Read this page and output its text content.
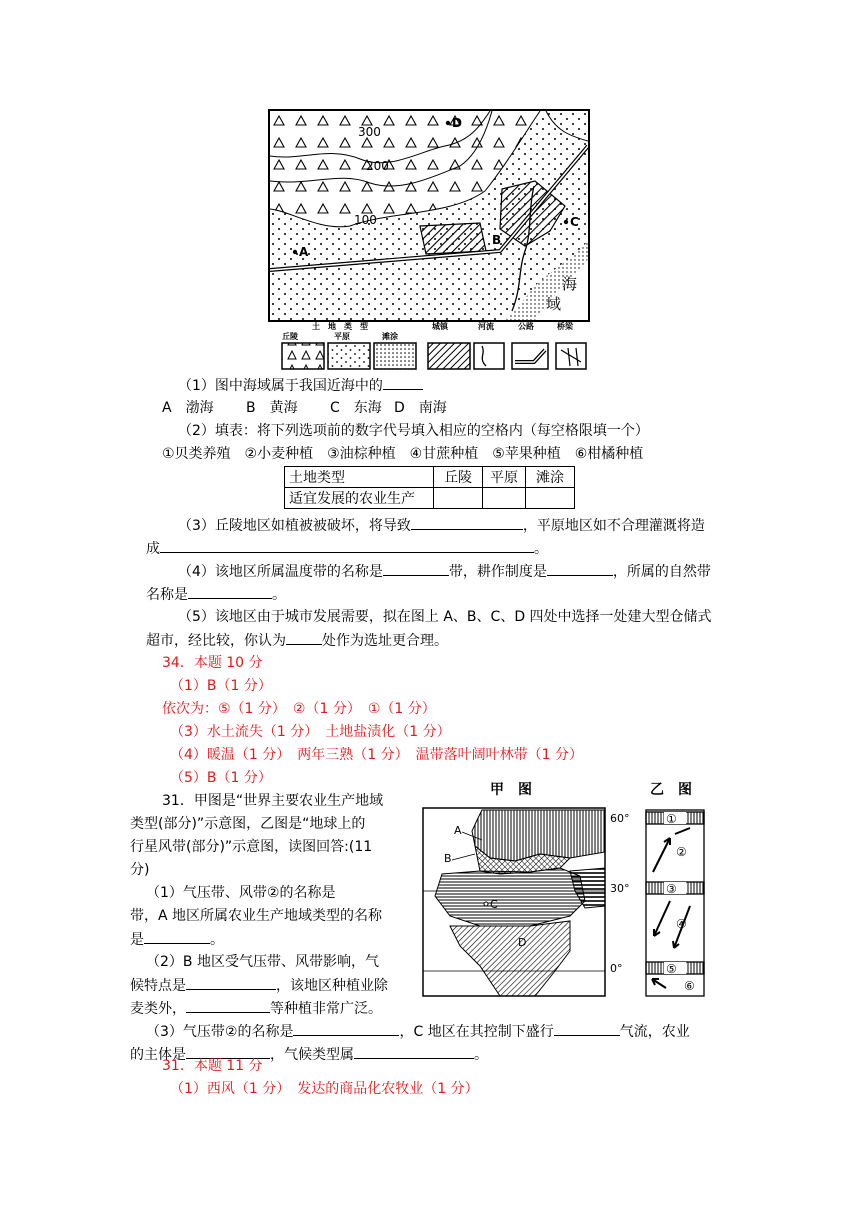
300
200
100
D
A
B
C
海
域
土　地　类　型
丘陵	平原	滩涂
城镇	河流	公路	桥梁
（1）图中海域属于我国近海中的
A　渤海 B　黄海 C　东海 D　南海
（2）填表：将下列选项前的数字代号填入相应的空格内（每空格限填一个）
①贝类养殖　②小麦种植　③油棕种植　④甘蔗种植　⑤苹果种植　⑥柑橘种植
土地类型	丘陵	平原	滩涂
适宜发展的农业生产			
（3）丘陵地区如植被被破坏，将导致	，平原地区如不合理灌溉将造
成	。
（4）该地区所属温度带的名称是	带，耕作制度是	，所属的自然带
名称是	。
（5）该地区由于城市发展需要，拟在图上 A、B、C、D 四处中选择一处建大型仓储式
超市，经比较，你认为	处作为选址更合理。
34．本题 10 分
（1）B（1 分）
依次为：⑤（1 分）　②（1 分）　①（1 分）
（3）水土流失（1 分）　土地盐渍化（1 分）
（4）暖温（1 分）　两年三熟（1 分）　温带落叶阔叶林带（1 分）
（5）B（1 分）
31．甲图是“世界主要农业生产地域
类型(部分)”示意图，乙图是“地球上的
行星风带(部分)”示意图，读图回答:(11
分)
（1）气压带、风带②的名称是
带，A 地区所属农业生产地域类型的名称
是	。
（2）B 地区受气压带、风带影响，气
候特点是	，该地区种植业除
麦类外，	等种植非常广泛。
（3）气压带②的名称是	，C 地区在其控制下盛行	气流，农业
的主体是	，气候类型属	。
甲　图	乙　图
A
B
C
D
60°
30°
0°
①
②
③
④
⑤
⑥
31．本题 11 分
（1）西风（1 分）　发达的商品化农牧业（1 分）
